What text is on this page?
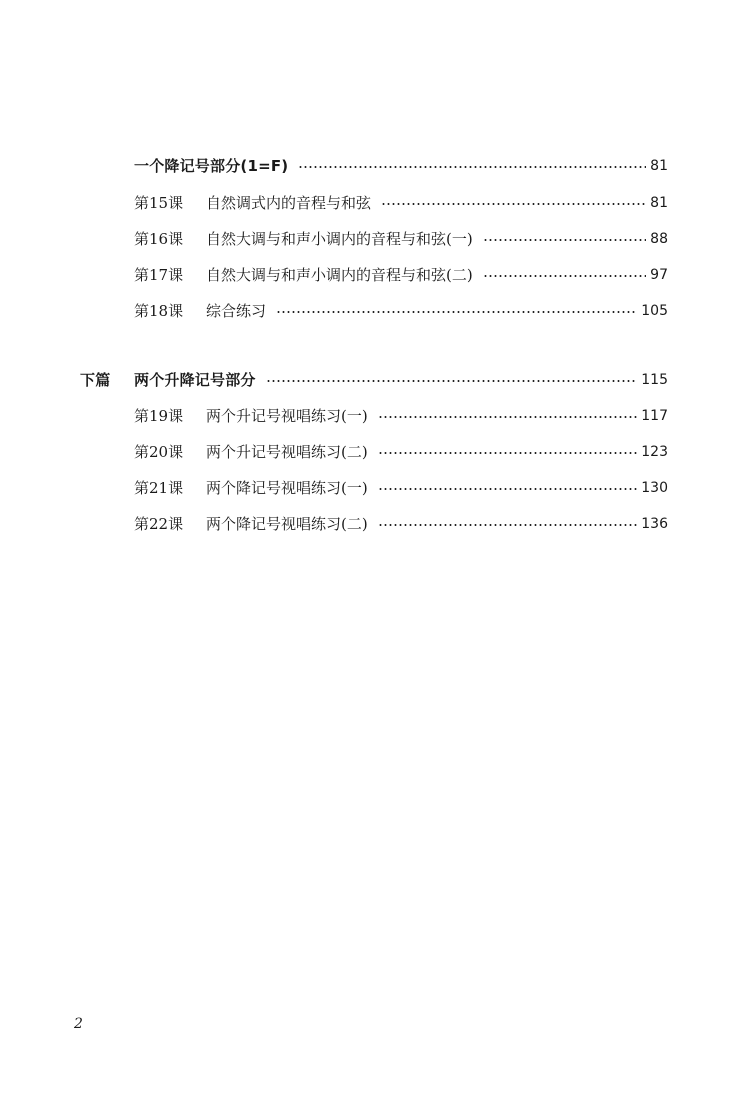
一个降记号部分(1=F)	81
第15课	自然调式内的音程与和弦	81
第16课	自然大调与和声小调内的音程与和弦(一)	88
第17课	自然大调与和声小调内的音程与和弦(二)	97
第18课	综合练习	105
下篇	两个升降记号部分	115
第19课	两个升记号视唱练习(一)	117
第20课	两个升记号视唱练习(二)	123
第21课	两个降记号视唱练习(一)	130
第22课	两个降记号视唱练习(二)	136
2
